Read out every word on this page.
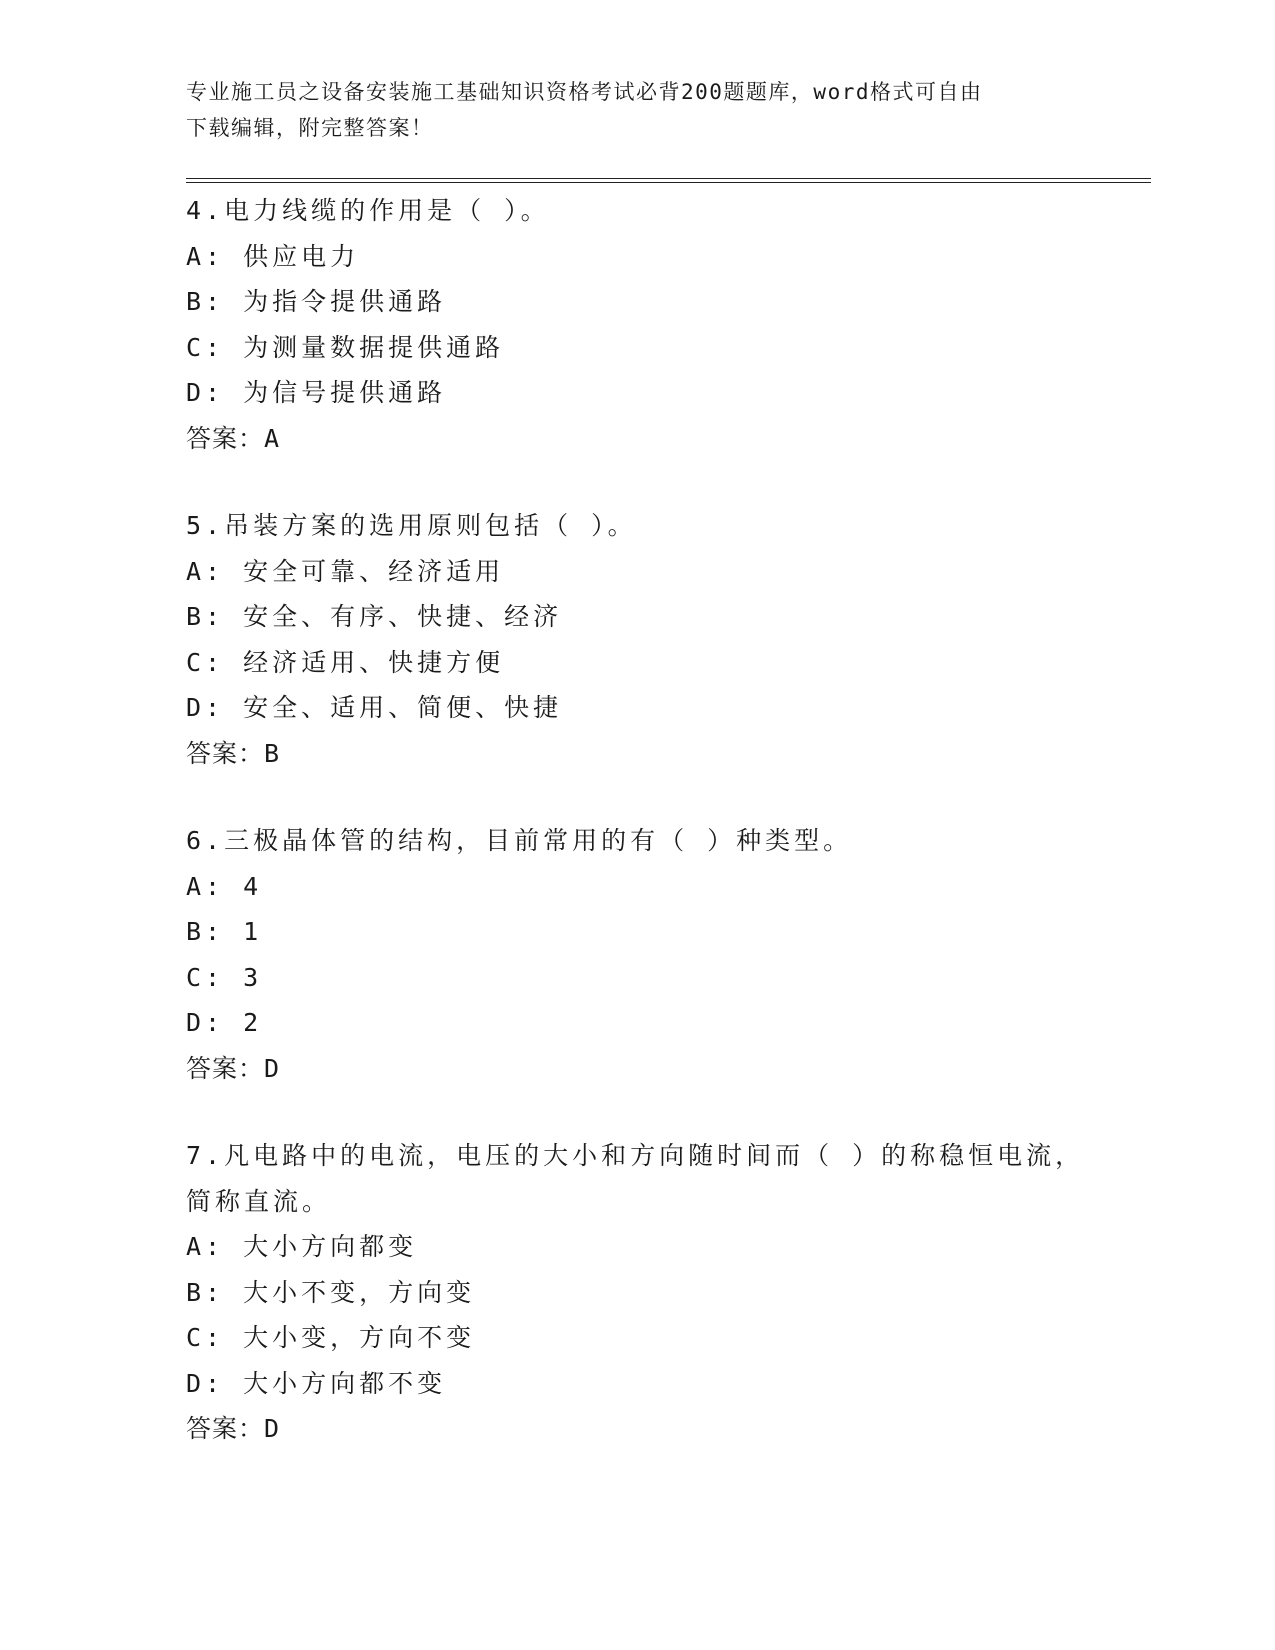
专业施工员之设备安装施工基础知识资格考试必背200题题库，word格式可自由
下载编辑，附完整答案！
4.电力线缆的作用是（ ）。
A: 供应电力
B: 为指令提供通路
C: 为测量数据提供通路
D: 为信号提供通路
答案：A
5.吊装方案的选用原则包括（ ）。
A: 安全可靠、经济适用
B: 安全、有序、快捷、经济
C: 经济适用、快捷方便
D: 安全、适用、简便、快捷
答案：B
6.三极晶体管的结构，目前常用的有（ ）种类型。
A: 4
B: 1
C: 3
D: 2
答案：D
7.凡电路中的电流，电压的大小和方向随时间而（ ）的称稳恒电流，
简称直流。
A: 大小方向都变
B: 大小不变，方向变
C: 大小变，方向不变
D: 大小方向都不变
答案：D
